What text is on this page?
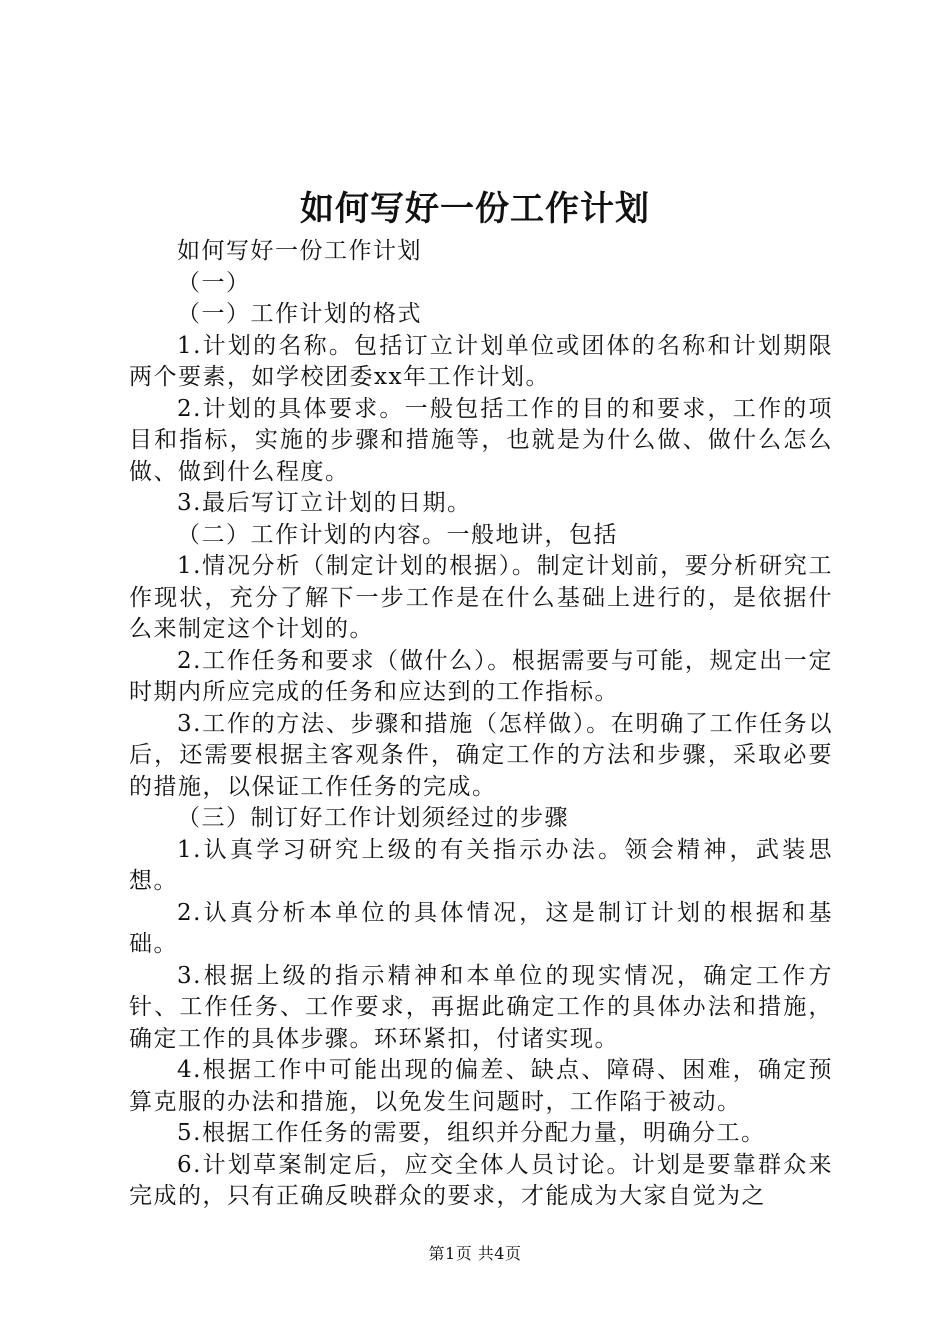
如何写好一份工作计划

如何写好一份工作计划

（一）

（一）工作计划的格式

1.计划的名称。包括订立计划单位或团体的名称和计划期限两个要素，如学校团委xx年工作计划。

2.计划的具体要求。一般包括工作的目的和要求，工作的项目和指标，实施的步骤和措施等，也就是为什么做、做什么怎么做、做到什么程度。

3.最后写订立计划的日期。

（二）工作计划的内容。一般地讲，包括

1.情况分析（制定计划的根据）。制定计划前，要分析研究工作现状，充分了解下一步工作是在什么基础上进行的，是依据什么来制定这个计划的。

2.工作任务和要求（做什么）。根据需要与可能，规定出一定时期内所应完成的任务和应达到的工作指标。

3.工作的方法、步骤和措施（怎样做）。在明确了工作任务以后，还需要根据主客观条件，确定工作的方法和步骤，采取必要的措施，以保证工作任务的完成。

（三）制订好工作计划须经过的步骤

1.认真学习研究上级的有关指示办法。领会精神，武装思想。

2.认真分析本单位的具体情况，这是制订计划的根据和基础。

3.根据上级的指示精神和本单位的现实情况，确定工作方针、工作任务、工作要求，再据此确定工作的具体办法和措施，确定工作的具体步骤。环环紧扣，付诸实现。

4.根据工作中可能出现的偏差、缺点、障碍、困难，确定预算克服的办法和措施，以免发生问题时，工作陷于被动。

5.根据工作任务的需要，组织并分配力量，明确分工。

6.计划草案制定后，应交全体人员讨论。计划是要靠群众来完成的，只有正确反映群众的要求，才能成为大家自觉为之

第1页 共4页
